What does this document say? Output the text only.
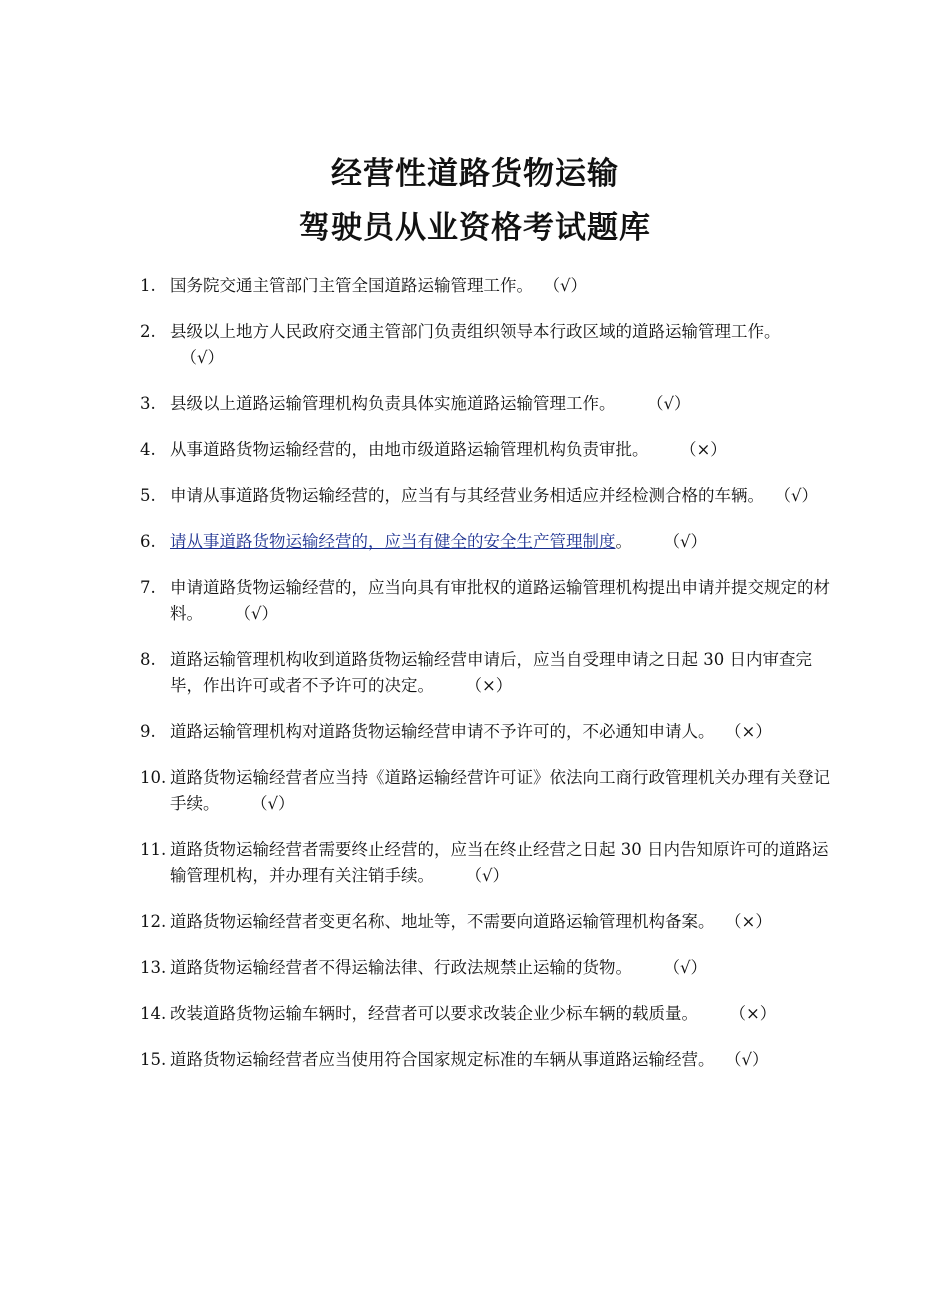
经营性道路货物运输
驾驶员从业资格考试题库
1. 国务院交通主管部门主管全国道路运输管理工作。 （√）
2. 县级以上地方人民政府交通主管部门负责组织领导本行政区域的道路运输管理工作。  （√）
3. 县级以上道路运输管理机构负责具体实施道路运输管理工作。 （√）
4. 从事道路货物运输经营的，由地市级道路运输管理机构负责审批。 （×）
5. 申请从事道路货物运输经营的，应当有与其经营业务相适应并经检测合格的车辆。 （√）
6. 请从事道路货物运输经营的，应当有健全的安全生产管理制度。 （√）
7. 申请道路货物运输经营的，应当向具有审批权的道路运输管理机构提出申请并提交规定的材料。 （√）
8. 道路运输管理机构收到道路货物运输经营申请后，应当自受理申请之日起 30 日内审查完毕，作出许可或者不予许可的决定。 （×）
9. 道路运输管理机构对道路货物运输经营申请不予许可的，不必通知申请人。 （×）
10. 道路货物运输经营者应当持《道路运输经营许可证》依法向工商行政管理机关办理有关登记手续。 （√）
11. 道路货物运输经营者需要终止经营的，应当在终止经营之日起 30 日内告知原许可的道路运输管理机构，并办理有关注销手续。 （√）
12. 道路货物运输经营者变更名称、地址等，不需要向道路运输管理机构备案。 （×）
13. 道路货物运输经营者不得运输法律、行政法规禁止运输的货物。 （√）
14. 改装道路货物运输车辆时，经营者可以要求改装企业少标车辆的载质量。 （×）
15. 道路货物运输经营者应当使用符合国家规定标准的车辆从事道路运输经营。 （√）
